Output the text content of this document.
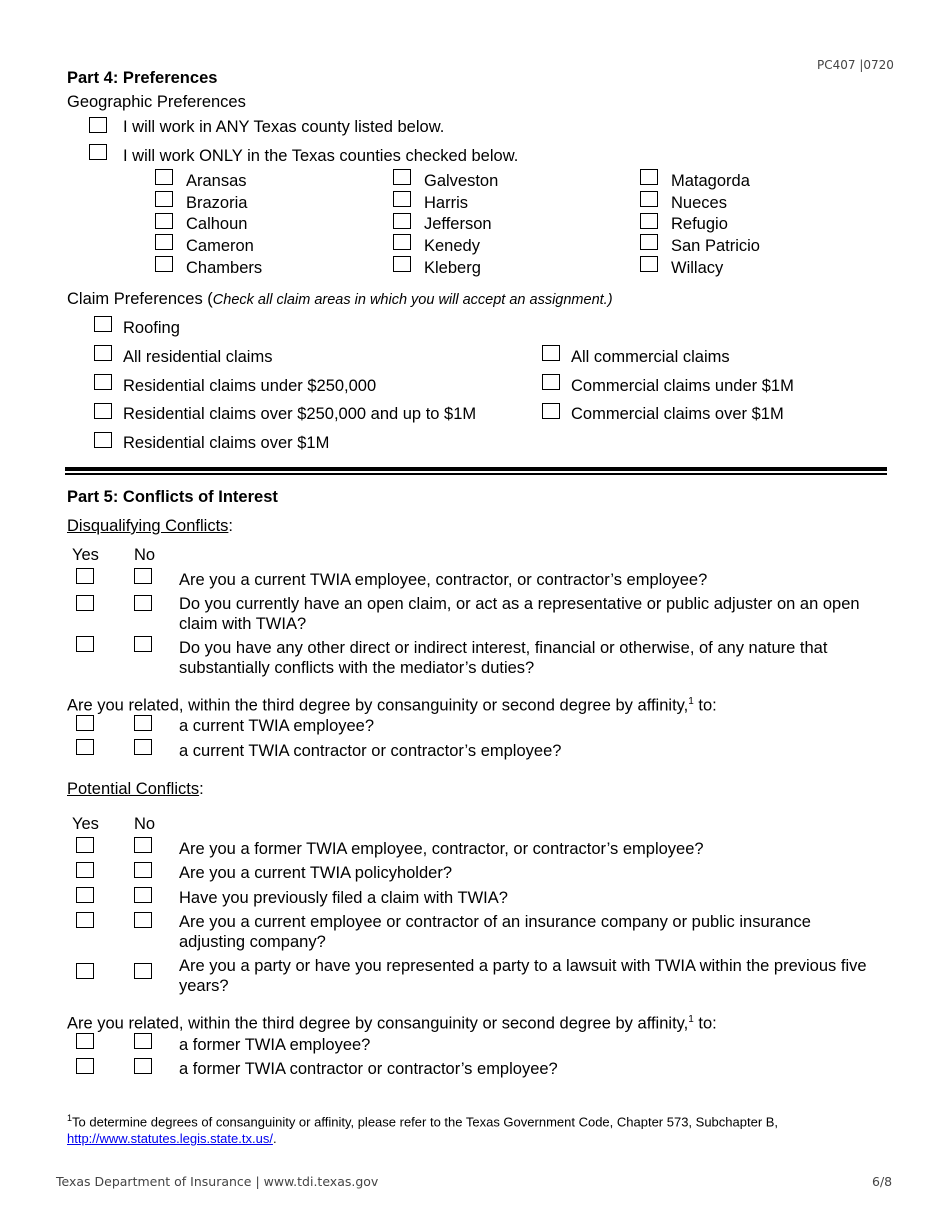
PC407 |0720
Part 4: Preferences
Geographic Preferences
I will work in ANY Texas county listed below.
I will work ONLY in the Texas counties checked below.
Aransas
Brazoria
Calhoun
Cameron
Chambers
Galveston
Harris
Jefferson
Kenedy
Kleberg
Matagorda
Nueces
Refugio
San Patricio
Willacy
Claim Preferences (Check all claim areas in which you will accept an assignment.)
Roofing
All residential claims
Residential claims under $250,000
Residential claims over $250,000 and up to $1M
Residential claims over $1M
All commercial claims
Commercial claims under $1M
Commercial claims over $1M
Part 5: Conflicts of Interest
Disqualifying Conflicts:
Yes No
Are you a current TWIA employee, contractor, or contractor’s employee?
Do you currently have an open claim, or act as a representative or public adjuster on an open claim with TWIA?
Do you have any other direct or indirect interest, financial or otherwise, of any nature that substantially conflicts with the mediator’s duties?
Are you related, within the third degree by consanguinity or second degree by affinity,$^1$ to:
a current TWIA employee?
a current TWIA contractor or contractor’s employee?
Potential Conflicts:
Yes No
Are you a former TWIA employee, contractor, or contractor’s employee?
Are you a current TWIA policyholder?
Have you previously filed a claim with TWIA?
Are you a current employee or contractor of an insurance company or public insurance adjusting company?
Are you a party or have you represented a party to a lawsuit with TWIA within the previous five years?
Are you related, within the third degree by consanguinity or second degree by affinity,$^1$ to:
a former TWIA employee?
a former TWIA contractor or contractor’s employee?
$^1$To determine degrees of consanguinity or affinity, please refer to the Texas Government Code, Chapter 573, Subchapter B,
http://www.statutes.legis.state.tx.us/.
Texas Department of Insurance | www.tdi.texas.gov	6/8
